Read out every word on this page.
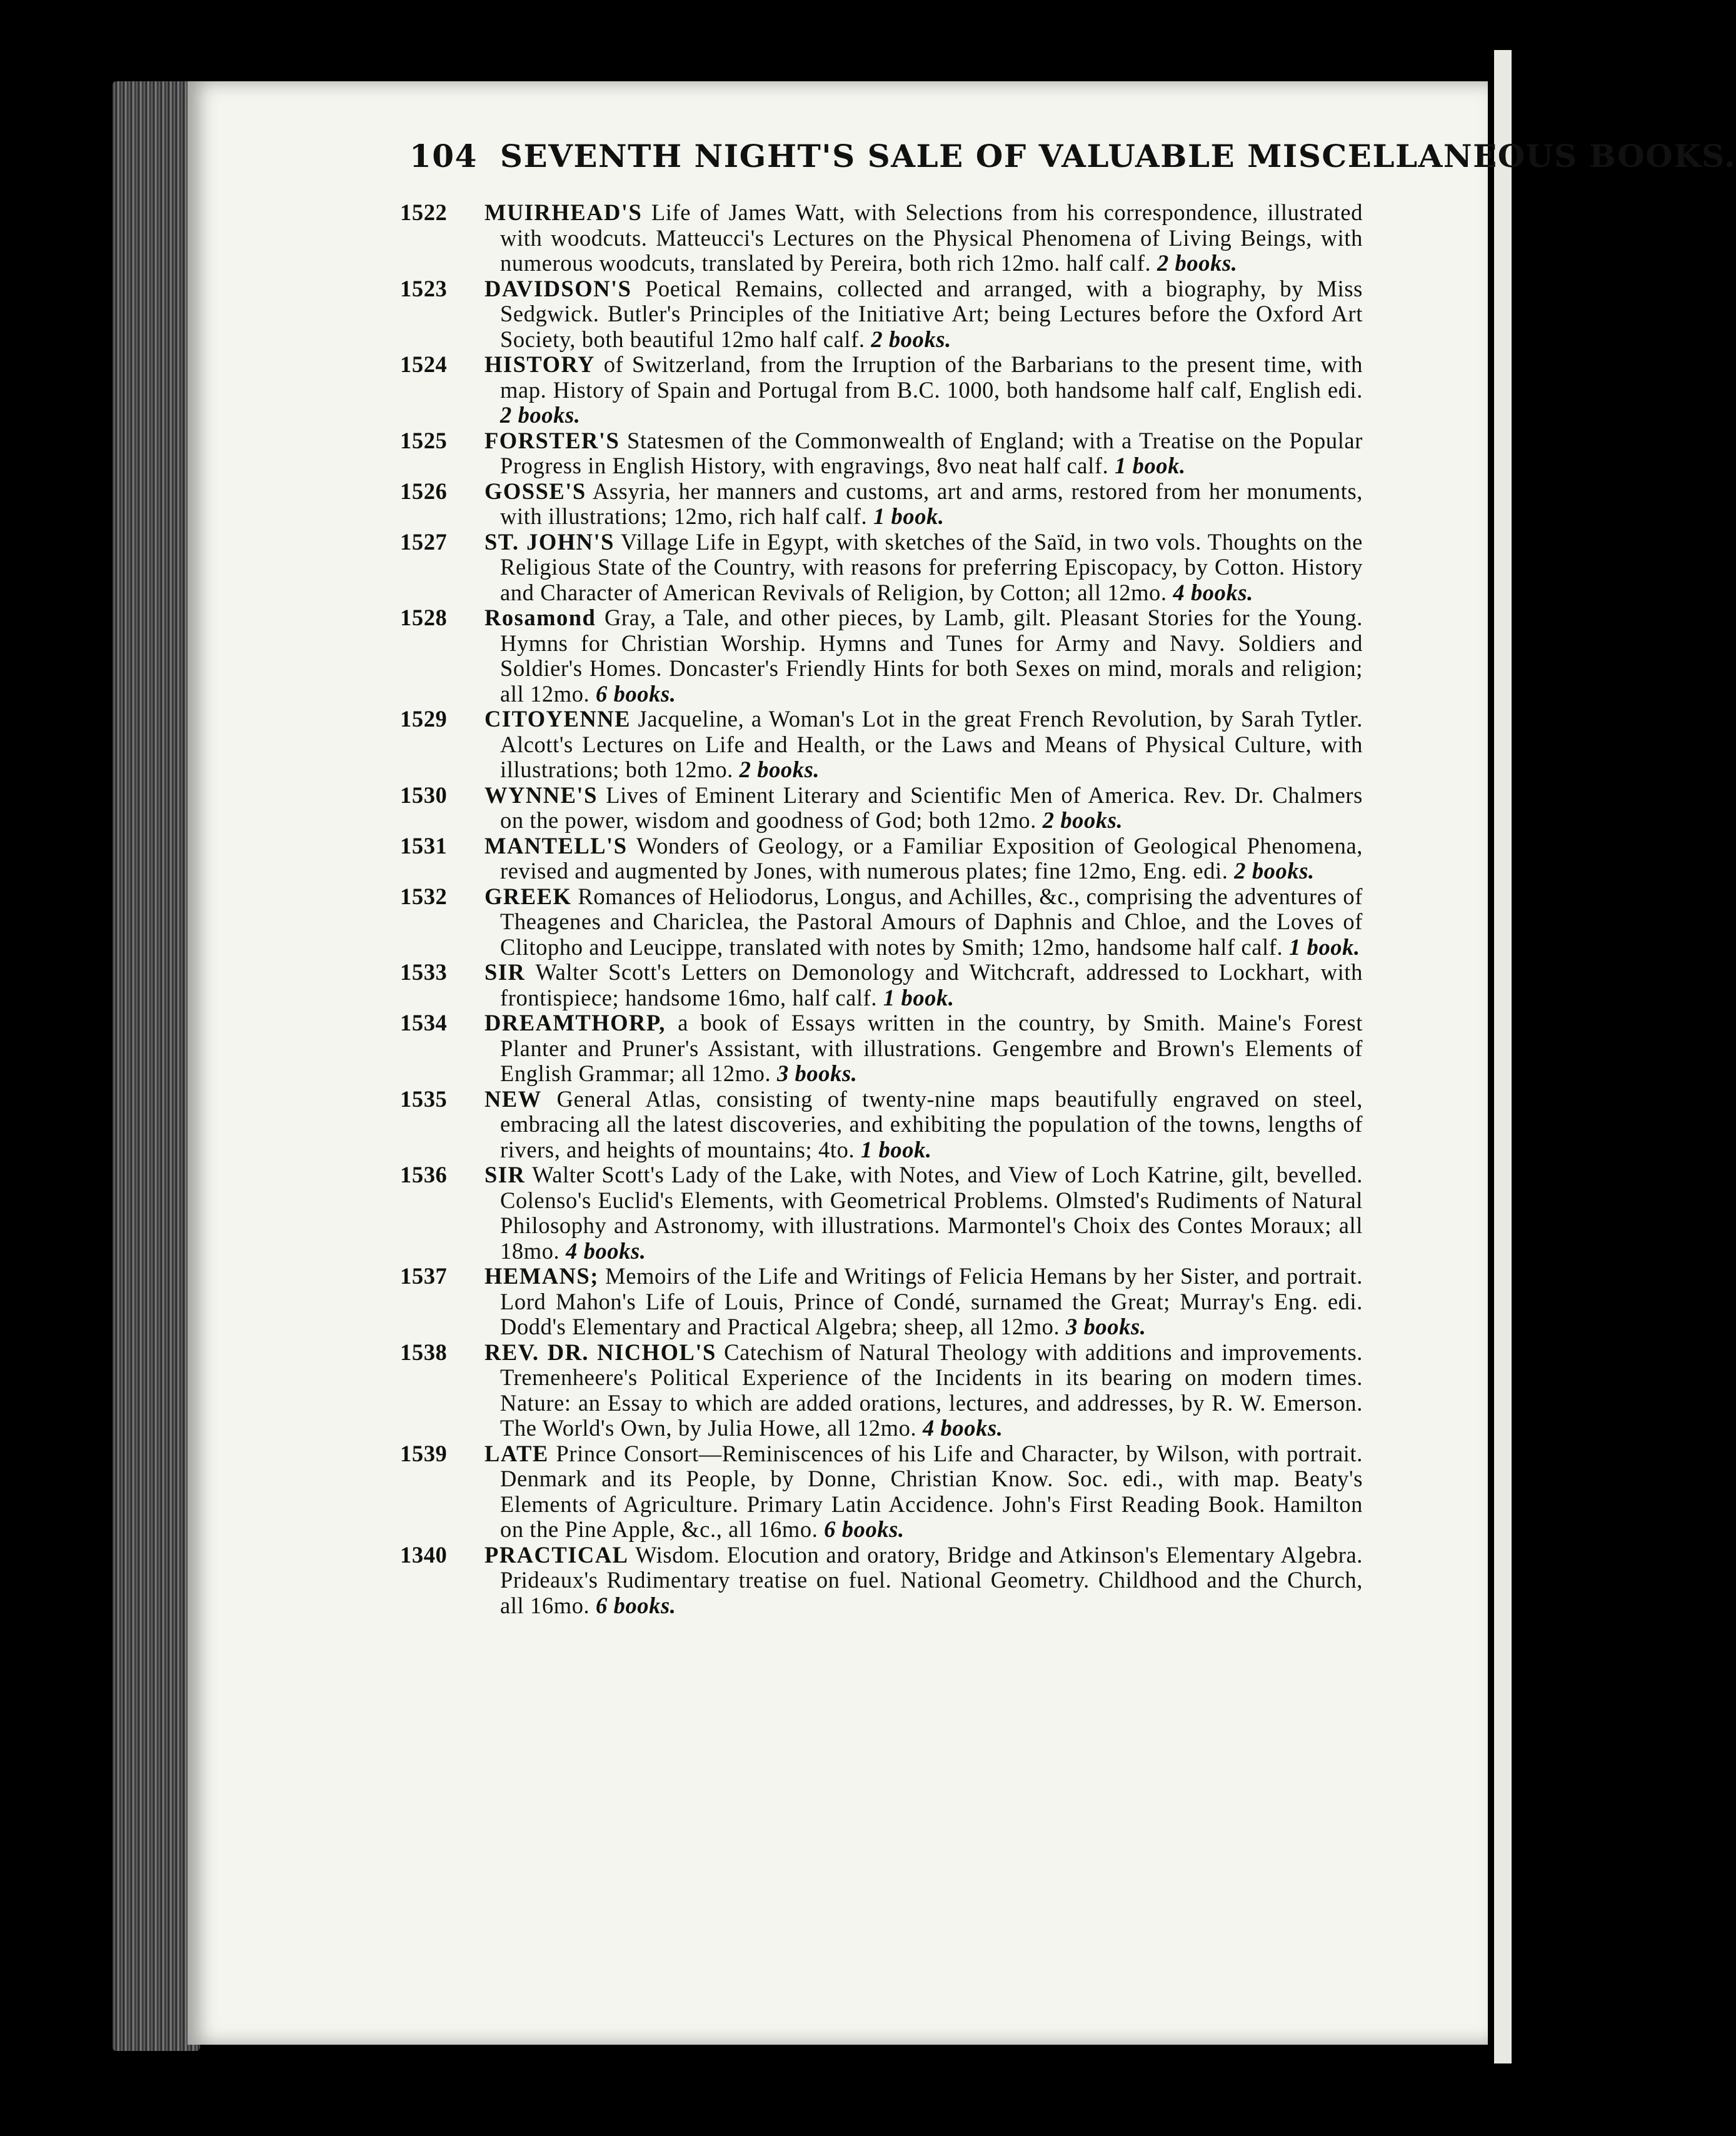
104 SEVENTH NIGHT'S SALE OF VALUABLE MISCELLANEOUS BOOKS.

1522 MUIRHEAD'S Life of James Watt, with Selections from his correspondence, illustrated with woodcuts. Matteucci's Lectures on the Physical Phenomena of Living Beings, with numerous woodcuts, translated by Pereira, both rich 12mo. half calf. 2 books.

1523 DAVIDSON'S Poetical Remains, collected and arranged, with a biography, by Miss Sedgwick. Butler's Principles of the Initiative Art; being Lectures before the Oxford Art Society, both beautiful 12mo half calf. 2 books.

1524 HISTORY of Switzerland, from the Irruption of the Barbarians to the present time, with map. History of Spain and Portugal from B.C. 1000, both handsome half calf, English edi. 2 books.

1525 FORSTER'S Statesmen of the Commonwealth of England; with a Treatise on the Popular Progress in English History, with engravings, 8vo neat half calf. 1 book.

1526 GOSSE'S Assyria, her manners and customs, art and arms, restored from her monuments, with illustrations; 12mo, rich half calf. 1 book.

1527 ST. JOHN'S Village Life in Egypt, with sketches of the Saïd, in two vols. Thoughts on the Religious State of the Country, with reasons for preferring Episcopacy, by Cotton. History and Character of American Revivals of Religion, by Cotton; all 12mo. 4 books.

1528 Rosamond Gray, a Tale, and other pieces, by Lamb, gilt. Pleasant Stories for the Young. Hymns for Christian Worship. Hymns and Tunes for Army and Navy. Soldiers and Soldier's Homes. Doncaster's Friendly Hints for both Sexes on mind, morals and religion; all 12mo. 6 books.

1529 CITOYENNE Jacqueline, a Woman's Lot in the great French Revolution, by Sarah Tytler. Alcott's Lectures on Life and Health, or the Laws and Means of Physical Culture, with illustrations; both 12mo. 2 books.

1530 WYNNE'S Lives of Eminent Literary and Scientific Men of America. Rev. Dr. Chalmers on the power, wisdom and goodness of God; both 12mo. 2 books.

1531 MANTELL'S Wonders of Geology, or a Familiar Exposition of Geological Phenomena, revised and augmented by Jones, with numerous plates; fine 12mo, Eng. edi. 2 books.

1532 GREEK Romances of Heliodorus, Longus, and Achilles, &c., comprising the adventures of Theagenes and Chariclea, the Pastoral Amours of Daphnis and Chloe, and the Loves of Clitopho and Leucippe, translated with notes by Smith; 12mo, handsome half calf. 1 book.

1533 SIR Walter Scott's Letters on Demonology and Witchcraft, addressed to Lockhart, with frontispiece; handsome 16mo, half calf. 1 book.

1534 DREAMTHORP, a book of Essays written in the country, by Smith. Maine's Forest Planter and Pruner's Assistant, with illustrations. Gengembre and Brown's Elements of English Grammar; all 12mo. 3 books.

1535 NEW General Atlas, consisting of twenty-nine maps beautifully engraved on steel, embracing all the latest discoveries, and exhibiting the population of the towns, lengths of rivers, and heights of mountains; 4to. 1 book.

1536 SIR Walter Scott's Lady of the Lake, with Notes, and View of Loch Katrine, gilt, bevelled. Colenso's Euclid's Elements, with Geometrical Problems. Olmsted's Rudiments of Natural Philosophy and Astronomy, with illustrations. Marmontel's Choix des Contes Moraux; all 18mo. 4 books.

1537 HEMANS; Memoirs of the Life and Writings of Felicia Hemans by her Sister, and portrait. Lord Mahon's Life of Louis, Prince of Condé, surnamed the Great; Murray's Eng. edi. Dodd's Elementary and Practical Algebra; sheep, all 12mo. 3 books.

1538 REV. DR. NICHOL'S Catechism of Natural Theology with additions and improvements. Tremenheere's Political Experience of the Incidents in its bearing on modern times. Nature: an Essay to which are added orations, lectures, and addresses, by R. W. Emerson. The World's Own, by Julia Howe, all 12mo. 4 books.

1539 LATE Prince Consort—Reminiscences of his Life and Character, by Wilson, with portrait. Denmark and its People, by Donne, Christian Know. Soc. edi., with map. Beaty's Elements of Agriculture. Primary Latin Accidence. John's First Reading Book. Hamilton on the Pine Apple, &c., all 16mo. 6 books.

1340 PRACTICAL Wisdom. Elocution and oratory, Bridge and Atkinson's Elementary Algebra. Prideaux's Rudimentary treatise on fuel. National Geometry. Childhood and the Church, all 16mo. 6 books.
